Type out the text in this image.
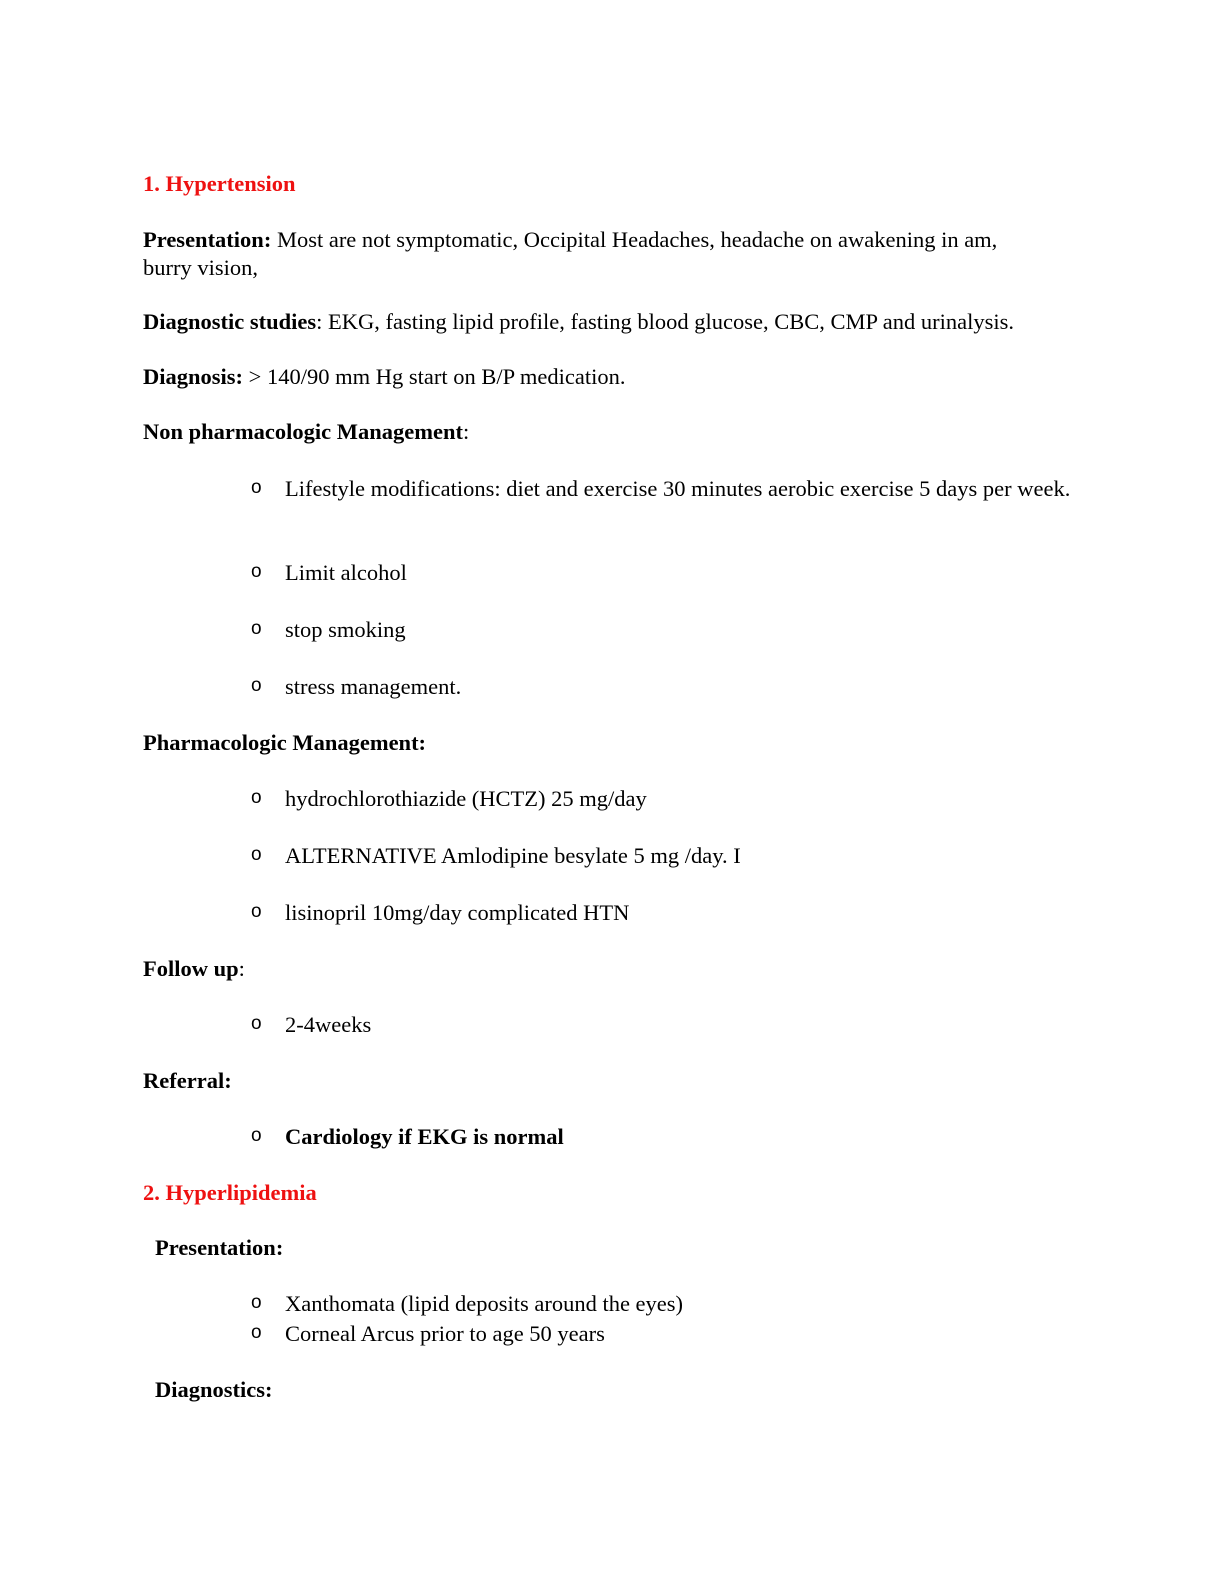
1. Hypertension

Presentation: Most are not symptomatic, Occipital Headaches, headache on awakening in am,

burry vision,

Diagnostic studies: EKG, fasting lipid profile, fasting blood glucose, CBC, CMP and urinalysis.

Diagnosis: > 140/90 mm Hg start on B/P medication.

Non pharmacologic Management:

o Lifestyle modifications: diet and exercise 30 minutes aerobic exercise 5 days per week.

o Limit alcohol

o stop smoking

o stress management.

Pharmacologic Management:

o hydrochlorothiazide (HCTZ) 25 mg/day

o ALTERNATIVE Amlodipine besylate 5 mg /day. I

o lisinopril 10mg/day complicated HTN

Follow up:

o 2-4weeks

Referral:

o Cardiology if EKG is normal

2. Hyperlipidemia

Presentation:

o Xanthomata (lipid deposits around the eyes)

o Corneal Arcus prior to age 50 years

Diagnostics:
